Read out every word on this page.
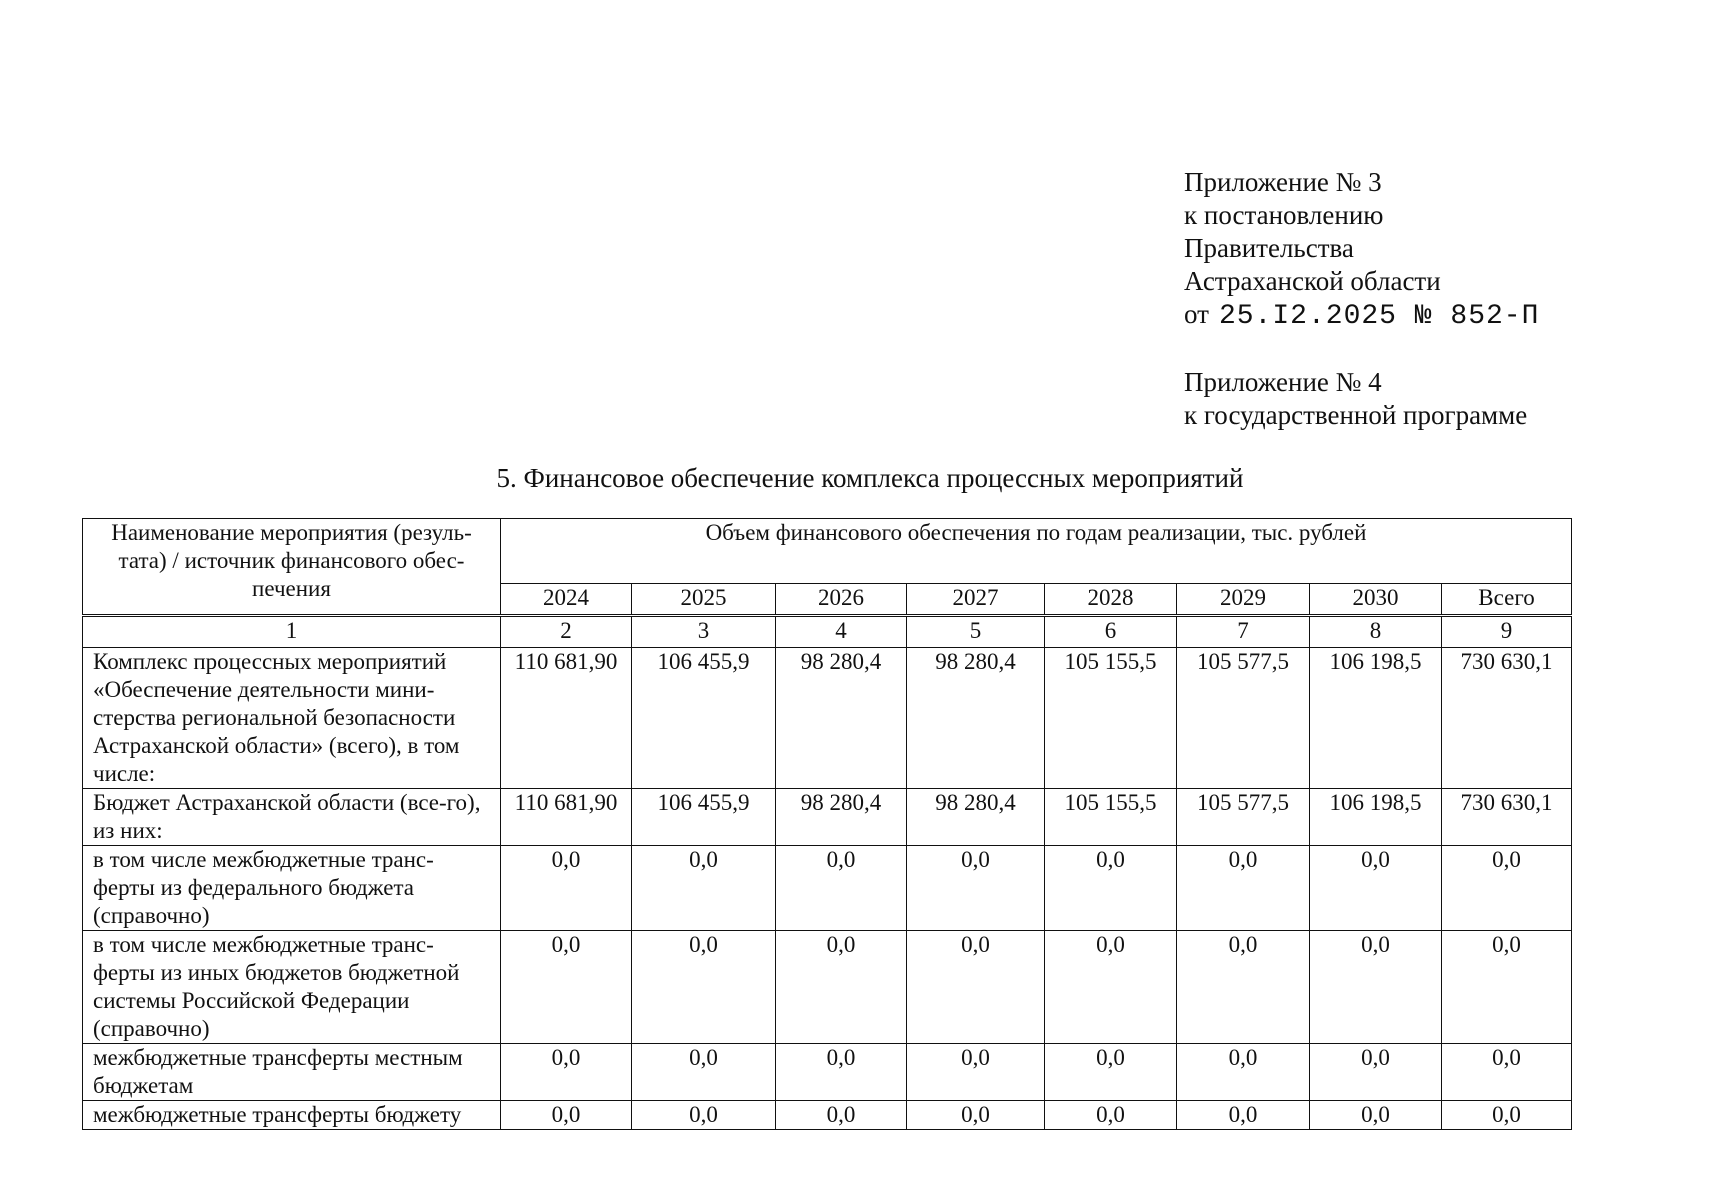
Приложение № 3
к постановлению
Правительства
Астраханской области
от 25.I2.2025 № 852-П
Приложение № 4
к государственной программе
5. Финансовое обеспечение комплекса процессных мероприятий
Наименование мероприятия (резуль-тата) / источник финансового обес-печения	Объем финансового обеспечения по годам реализации, тыс. рублей							
	2024	2025	2026	2027	2028	2029	2030	Всего
1	2	3	4	5	6	7	8	9
Комплекс процессных мероприятий «Обеспечение деятельности мини-стерства региональной безопасности Астраханской области» (всего), в том числе:	110 681,90	106 455,9	98 280,4	98 280,4	105 155,5	105 577,5	106 198,5	730 630,1
Бюджет Астраханской области (все-го), из них:	110 681,90	106 455,9	98 280,4	98 280,4	105 155,5	105 577,5	106 198,5	730 630,1
в том числе межбюджетные транс-ферты из федерального бюджета (справочно)	0,0	0,0	0,0	0,0	0,0	0,0	0,0	0,0
в том числе межбюджетные транс-ферты из иных бюджетов бюджетной системы Российской Федерации (справочно)	0,0	0,0	0,0	0,0	0,0	0,0	0,0	0,0
межбюджетные трансферты местным бюджетам	0,0	0,0	0,0	0,0	0,0	0,0	0,0	0,0
межбюджетные трансферты бюджету	0,0	0,0	0,0	0,0	0,0	0,0	0,0	0,0
